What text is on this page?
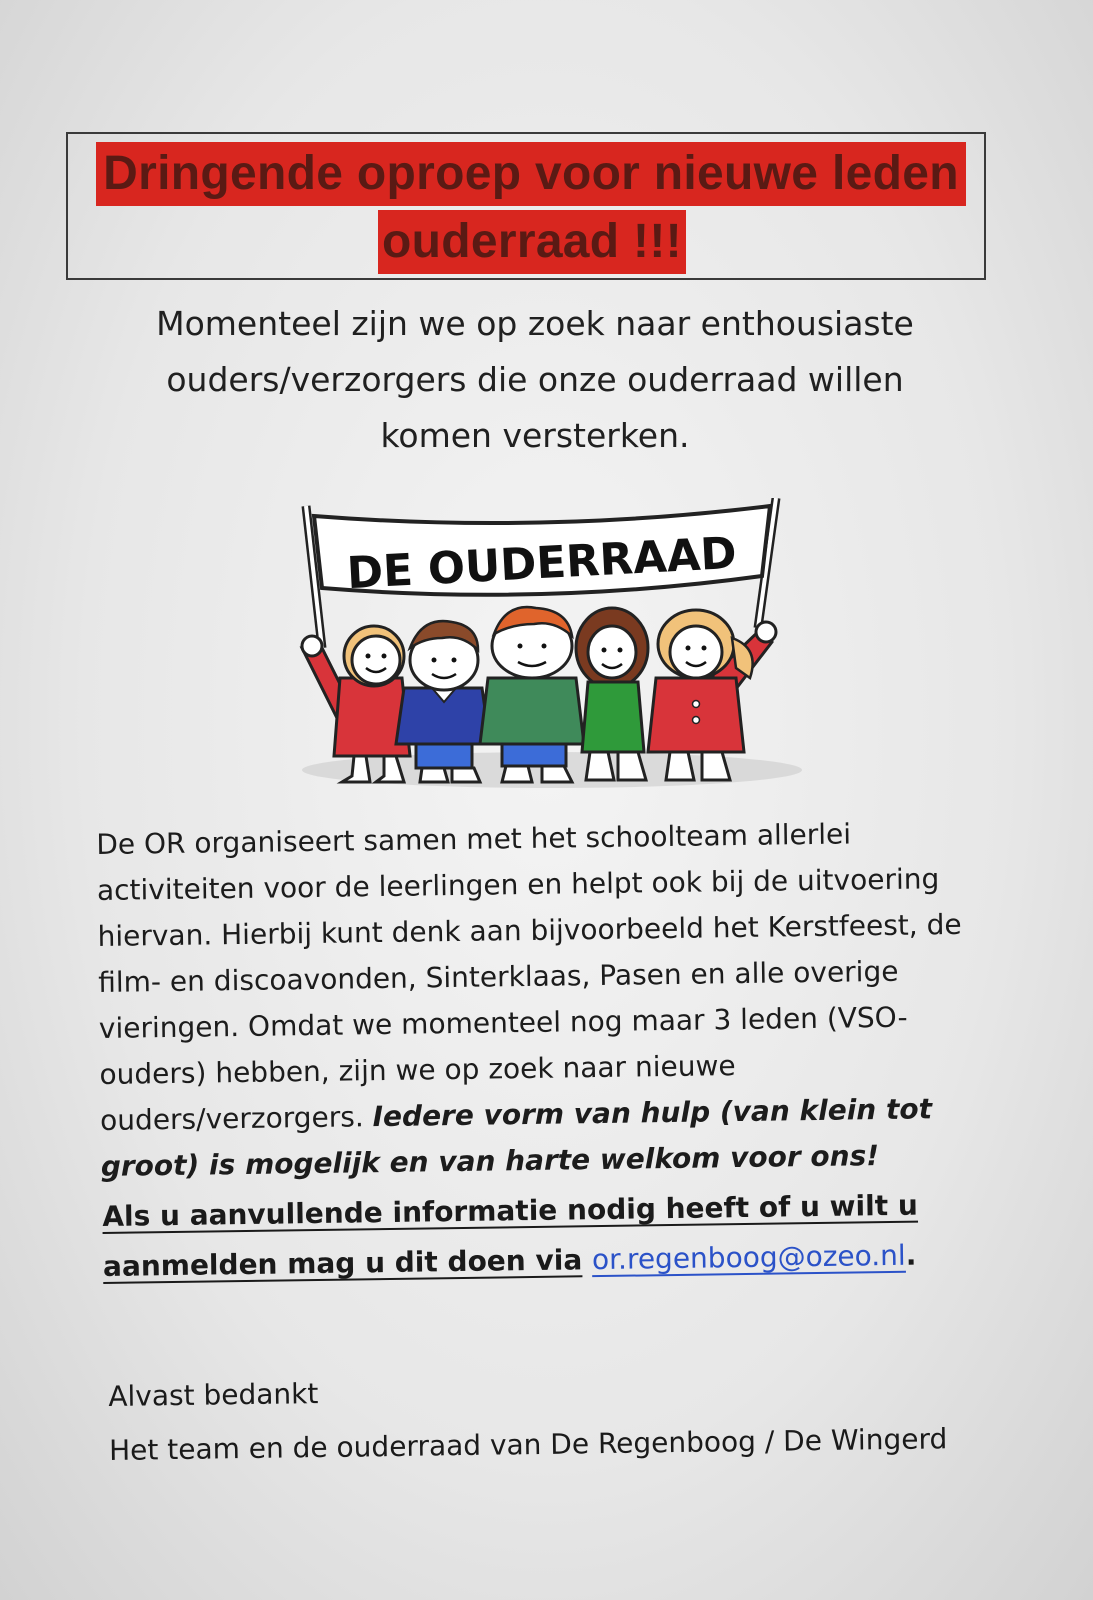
Dringende oproep voor nieuwe leden
ouderraad !!!
Momenteel zijn we op zoek naar enthousiaste
ouders/verzorgers die onze ouderraad willen
komen versterken.
DE OUDERRAAD
De OR organiseert samen met het schoolteam allerlei
activiteiten voor de leerlingen en helpt ook bij de uitvoering
hiervan. Hierbij kunt denk aan bijvoorbeeld het Kerstfeest, de
film- en discoavonden, Sinterklaas, Pasen en alle overige
vieringen. Omdat we momenteel nog maar 3 leden (VSO-
ouders) hebben, zijn we op zoek naar nieuwe
ouders/verzorgers. Iedere vorm van hulp (van klein tot
groot) is mogelijk en van harte welkom voor ons!
Als u aanvullende informatie nodig heeft of u wilt u
aanmelden mag u dit doen via or.regenboog@ozeo.nl.
Alvast bedankt
Het team en de ouderraad van De Regenboog / De Wingerd
